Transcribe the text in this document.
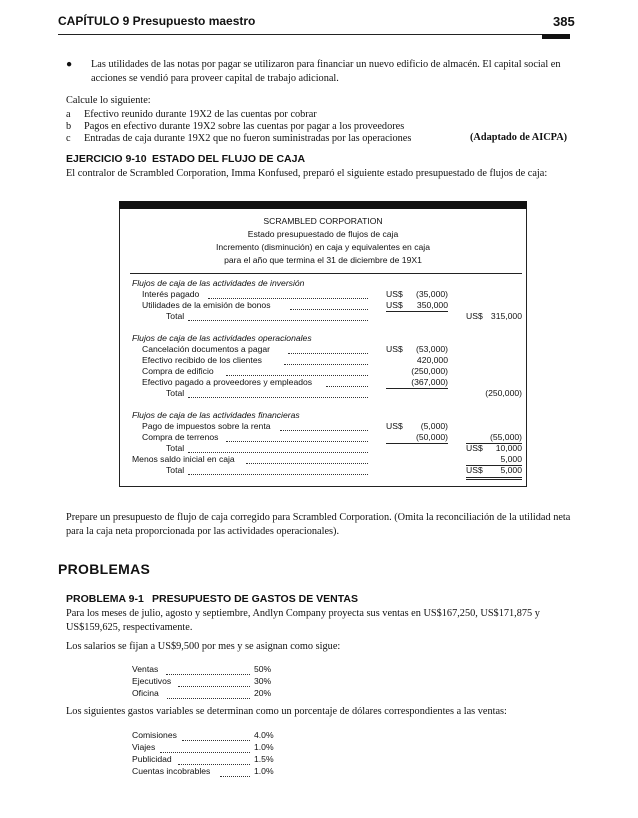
CAPÍTULO 9 Presupuesto maestro	385
● Las utilidades de las notas por pagar se utilizaron para financiar un nuevo edificio de almacén. El capital social en acciones se vendió para proveer capital de trabajo adicional.
Calcule lo siguiente:
a Efectivo reunido durante 19X2 de las cuentas por cobrar
b Pagos en efectivo durante 19X2 sobre las cuentas por pagar a los proveedores
c Entradas de caja durante 19X2 que no fueron suministradas por las operaciones	(Adaptado de AICPA)
EJERCICIO 9-10 ESTADO DEL FLUJO DE CAJA
El contralor de Scrambled Corporation, Imma Konfused, preparó el siguiente estado presupuestado de flujos de caja:
SCRAMBLED CORPORATION
Estado presupuestado de flujos de caja
Incremento (disminución) en caja y equivalentes en caja
para el año que termina el 31 de diciembre de 19X1
Flujos de caja de las actividades de inversión
Interés pagado	US$	(35,000)
Utilidades de la emisión de bonos	US$	350,000
Total	US$ 315,000
Flujos de caja de las actividades operacionales
Cancelación documentos a pagar	US$	(53,000)
Efectivo recibido de los clientes	420,000
Compra de edificio	(250,000)
Efectivo pagado a proveedores y empleados	(367,000)
Total	(250,000)
Flujos de caja de las actividades financieras
Pago de impuestos sobre la renta	US$	(5,000)
Compra de terrenos	(50,000)	(55,000)
Total	US$	10,000
Menos saldo inicial en caja	5,000
Total	US$	5,000
Prepare un presupuesto de flujo de caja corregido para Scrambled Corporation. (Omita la reconciliación de la utilidad neta para la caja neta proporcionada por las actividades operacionales).
PROBLEMAS
PROBLEMA 9-1 PRESUPUESTO DE GASTOS DE VENTAS
Para los meses de julio, agosto y septiembre, Andlyn Company proyecta sus ventas en US$167,250, US$171,875 y US$159,625, respectivamente.
Los salarios se fijan a US$9,500 por mes y se asignan como sigue:
Ventas	50%
Ejecutivos	30%
Oficina	20%
Los siguientes gastos variables se determinan como un porcentaje de dólares correspondientes a las ventas:
Comisiones	4.0%
Viajes	1.0%
Publicidad	1.5%
Cuentas incobrables	1.0%
